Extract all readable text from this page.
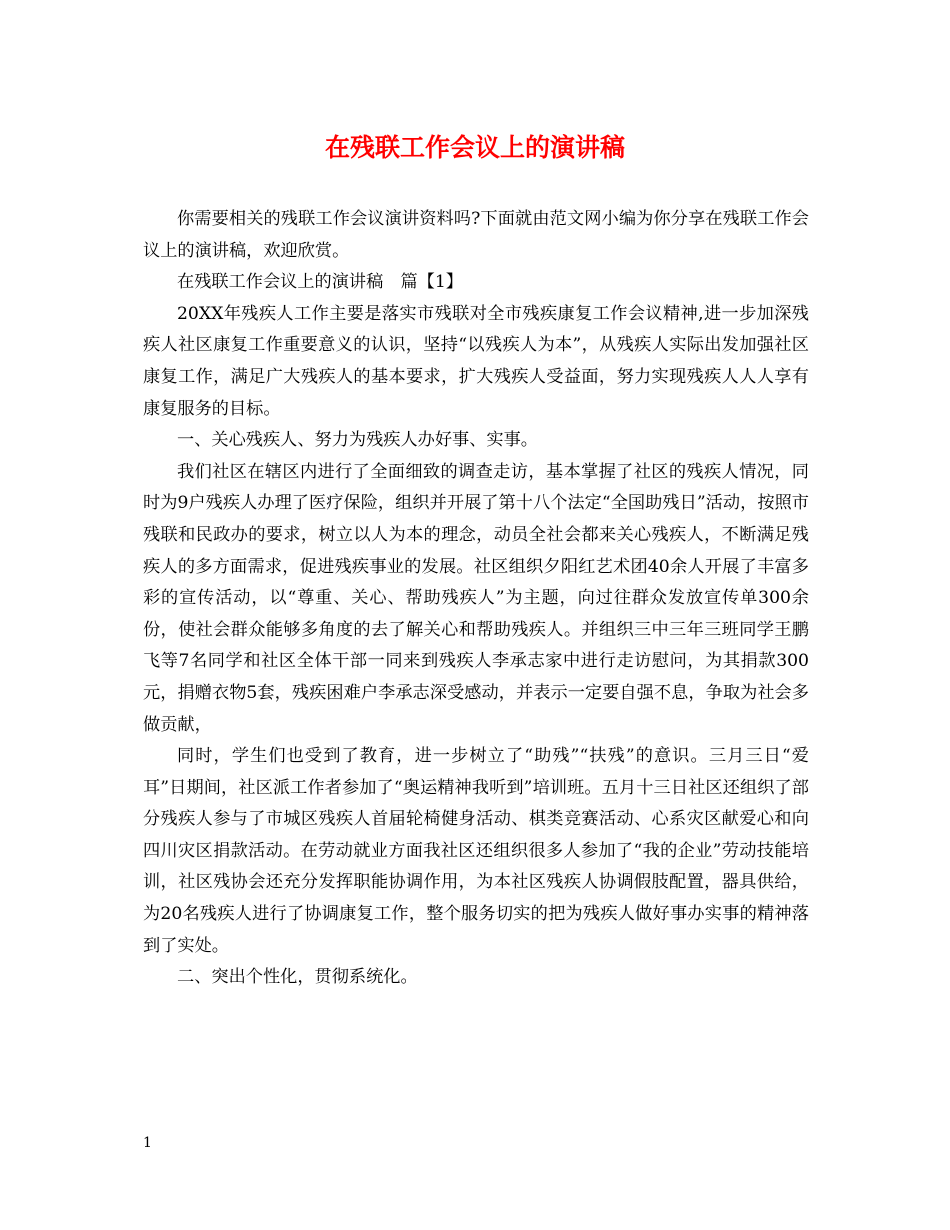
在残联工作会议上的演讲稿

你需要相关的残联工作会议演讲资料吗?下面就由范文网小编为你分享在残联工作会议上的演讲稿，欢迎欣赏。

在残联工作会议上的演讲稿　篇【1】

20XX年残疾人工作主要是落实市残联对全市残疾康复工作会议精神,进一步加深残疾人社区康复工作重要意义的认识，坚持“以残疾人为本”，从残疾人实际出发加强社区康复工作，满足广大残疾人的基本要求，扩大残疾人受益面，努力实现残疾人人人享有康复服务的目标。

一、关心残疾人、努力为残疾人办好事、实事。

我们社区在辖区内进行了全面细致的调查走访，基本掌握了社区的残疾人情况，同时为9户残疾人办理了医疗保险，组织并开展了第十八个法定“全国助残日”活动，按照市残联和民政办的要求，树立以人为本的理念，动员全社会都来关心残疾人，不断满足残疾人的多方面需求，促进残疾事业的发展。社区组织夕阳红艺术团40余人开展了丰富多彩的宣传活动，以“尊重、关心、帮助残疾人”为主题，向过往群众发放宣传单300余份，使社会群众能够多角度的去了解关心和帮助残疾人。并组织三中三年三班同学王鹏飞等7名同学和社区全体干部一同来到残疾人李承志家中进行走访慰问，为其捐款300元，捐赠衣物5套，残疾困难户李承志深受感动，并表示一定要自强不息，争取为社会多做贡献，

同时，学生们也受到了教育，进一步树立了“助残”“扶残”的意识。三月三日“爱耳”日期间，社区派工作者参加了“奥运精神我听到”培训班。五月十三日社区还组织了部分残疾人参与了市城区残疾人首届轮椅健身活动、棋类竞赛活动、心系灾区献爱心和向四川灾区捐款活动。在劳动就业方面我社区还组织很多人参加了“我的企业”劳动技能培训，社区残协会还充分发挥职能协调作用，为本社区残疾人协调假肢配置，器具供给，为20名残疾人进行了协调康复工作，整个服务切实的把为残疾人做好事办实事的精神落到了实处。

二、突出个性化，贯彻系统化。

1
